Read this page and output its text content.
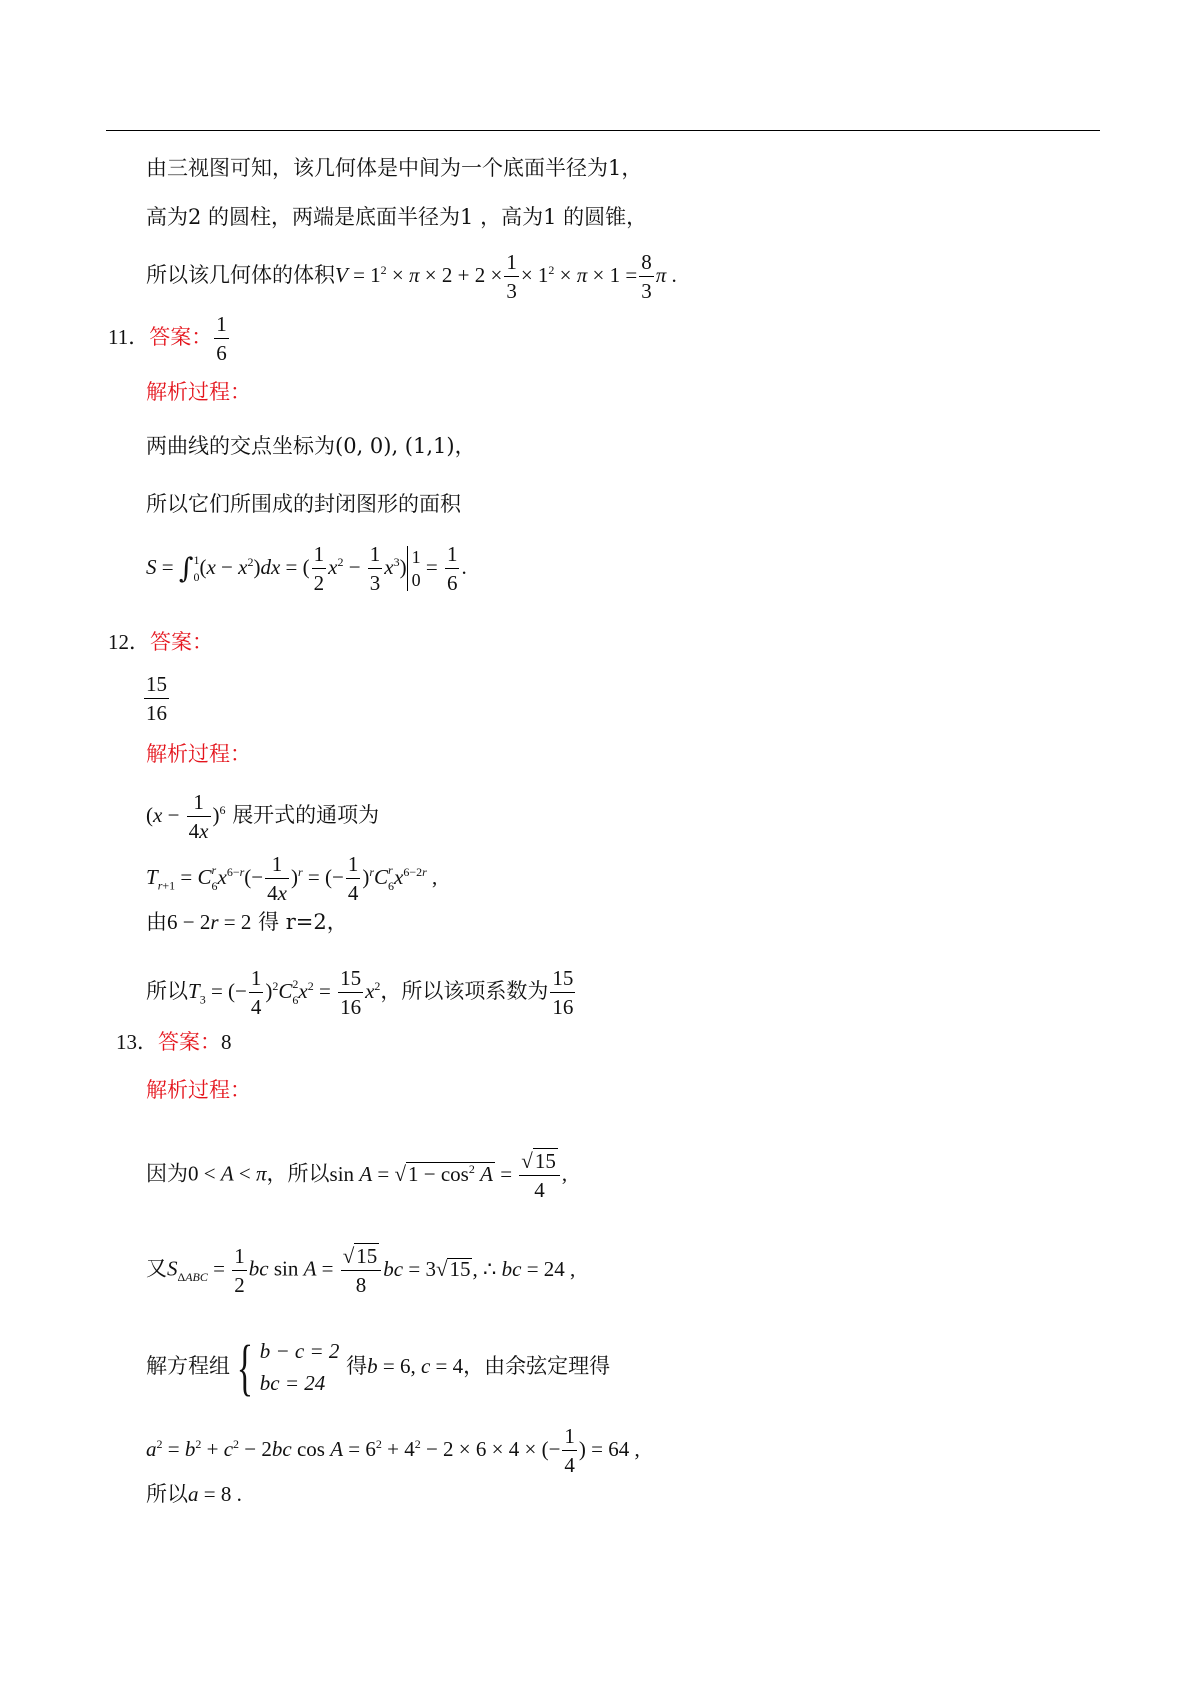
由三视图可知，该几何体是中间为一个底面半径为1，
高为2 的圆柱，两端是底面半径为1 ，高为1 的圆锥，
所以该几何体的体积$V = 1^2 \times \pi \times 2 + 2 \times \frac{1}{3} \times 1^2 \times \pi \times 1 = \frac{8}{3}$ π .
11．答案： $\frac{1}{6}$
解析过程：
两曲线的交点坐标为(0, 0), (1,1)，
所以它们所围成的封闭图形的面积
S = ∫1
$0(x - x^2)dx$ = ( $\frac{1}{2} x^2 - \frac{1}{3} x^3$) 1
$0 = \frac{1}{6}$ .
12．答案：
$\frac{15}{16}$
解析过程：
$(x - \frac{1}{4x} )^6$ 展开式的通项为
$T_{r+1} = Cr$
$6x^{6-r}(- \frac{1}{4x} )^r$ = (− $\frac{1}{4} )^rCr$
$6x^{6-2r}$ ,
由6 − 2r = 2 得 r=2，
所以$T_3$ = (− $\frac{1}{4} )^2C2$
$6x^2 = \frac{15}{16} x^2$，所以该项系数为 $\frac{15}{16}$
13．答案：8
解析过程：
因为0 < A < π，所以$\sin A = √1 - \cos^2 A = \frac{√15}{4}$ ,
又$S_{\Delta ABC} = \frac{1}{2}$ bc $\sin A = \frac{√15}{8}$ bc = 3√15, ∴ bc = 24 ,
解方程组 { b − c = 2
bc = 24 得b = 6, c = 4，由余弦定理得
$a^2 = b^2 + c^2 - 2bc$ $\cos A = 6^2 + 4^2 - 2 \times 6 \times 4$ × (− $\frac{1}{4}$ ) = 64 ,
所以a = 8 .
